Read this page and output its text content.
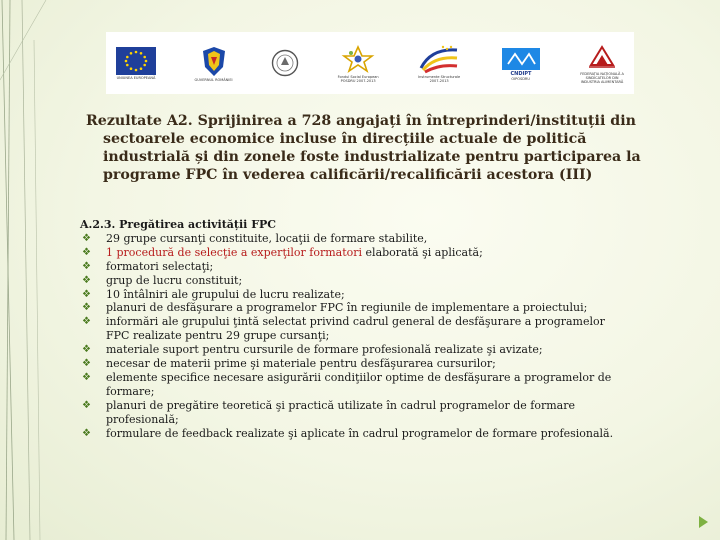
UNIUNEA EUROPEANĂ	GUVERNUL ROMÂNIEI
Fondul Social European
POSDRU 2007-2013
Instrumente Structurale
2007-2013
CNDIPT
OIPOSDRU
FEDERAȚIA NAȚIONALĂ A
SINDICATELOR DIN
INDUSTRIA ALIMENTARĂ
Rezultate A2. Sprijinirea a 728 angajați în întreprinderi/instituții din
sectoarele economice incluse în direcțiile actuale de politică
industrială și din zonele foste industrializate pentru participarea la
programe FPC în vederea calificării/recalificării acestora (III)
A.2.3. Pregătirea activității FPC
❖ 29 grupe cursanţi constituite, locaţii de formare stabilite,
❖ 1 procedură de selecţie a experţilor formatori elaborată şi aplicată;
❖ formatori selectaţi;
❖ grup de lucru constituit;
❖ 10 întâlniri ale grupului de lucru realizate;
❖ planuri de desfăşurare a programelor FPC în regiunile de implementare a proiectului;
❖ informări ale grupului ţintă selectat privind cadrul general de desfăşurare a programelor
FPC realizate pentru 29 grupe cursanţi;
❖ materiale suport pentru cursurile de formare profesională realizate şi avizate;
❖ necesar de materii prime şi materiale pentru desfăşurarea cursurilor;
❖ elemente specifice necesare asigurării condiţiilor optime de desfăşurare a programelor de
formare;
❖ planuri de pregătire teoretică şi practică utilizate în cadrul programelor de formare
profesională;
❖ formulare de feedback realizate şi aplicate în cadrul programelor de formare profesională.
